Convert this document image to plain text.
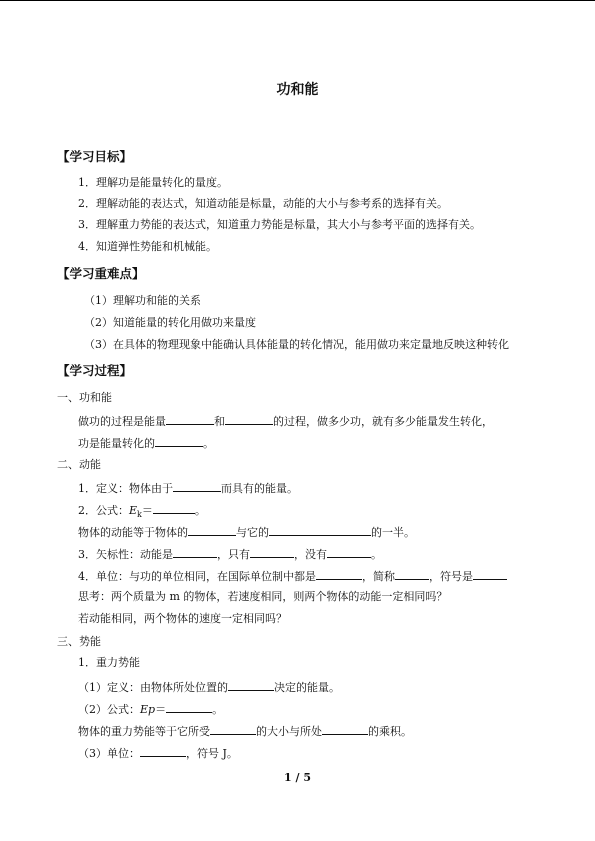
功和能
【学习目标】
1．理解功是能量转化的量度。
2．理解动能的表达式，知道动能是标量，动能的大小与参考系的选择有关。
3．理解重力势能的表达式，知道重力势能是标量，其大小与参考平面的选择有关。
4．知道弹性势能和机械能。
【学习重难点】
（1）理解功和能的关系
（2）知道能量的转化用做功来量度
（3）在具体的物理现象中能确认具体能量的转化情况，能用做功来定量地反映这种转化
【学习过程】
一、功和能
做功的过程是能量	和	的过程，做多少功，就有多少能量发生转化，
功是能量转化的	。
二、动能
1．定义：物体由于	而具有的能量。
2．公式：$E_k=$	。
物体的动能等于物体的	与它的	的一半。
3．矢标性：动能是	，只有	，没有	。
4．单位：与功的单位相同，在国际单位制中都是	，简称	，符号是
思考：两个质量为 m 的物体，若速度相同，则两个物体的动能一定相同吗？
若动能相同，两个物体的速度一定相同吗？
三、势能
1．重力势能
（1）定义：由物体所处位置的	决定的能量。
（2）公式：Ep＝	。
物体的重力势能等于它所受	的大小与所处	的乘积。
（3）单位：	，符号 J。
1 / 5
